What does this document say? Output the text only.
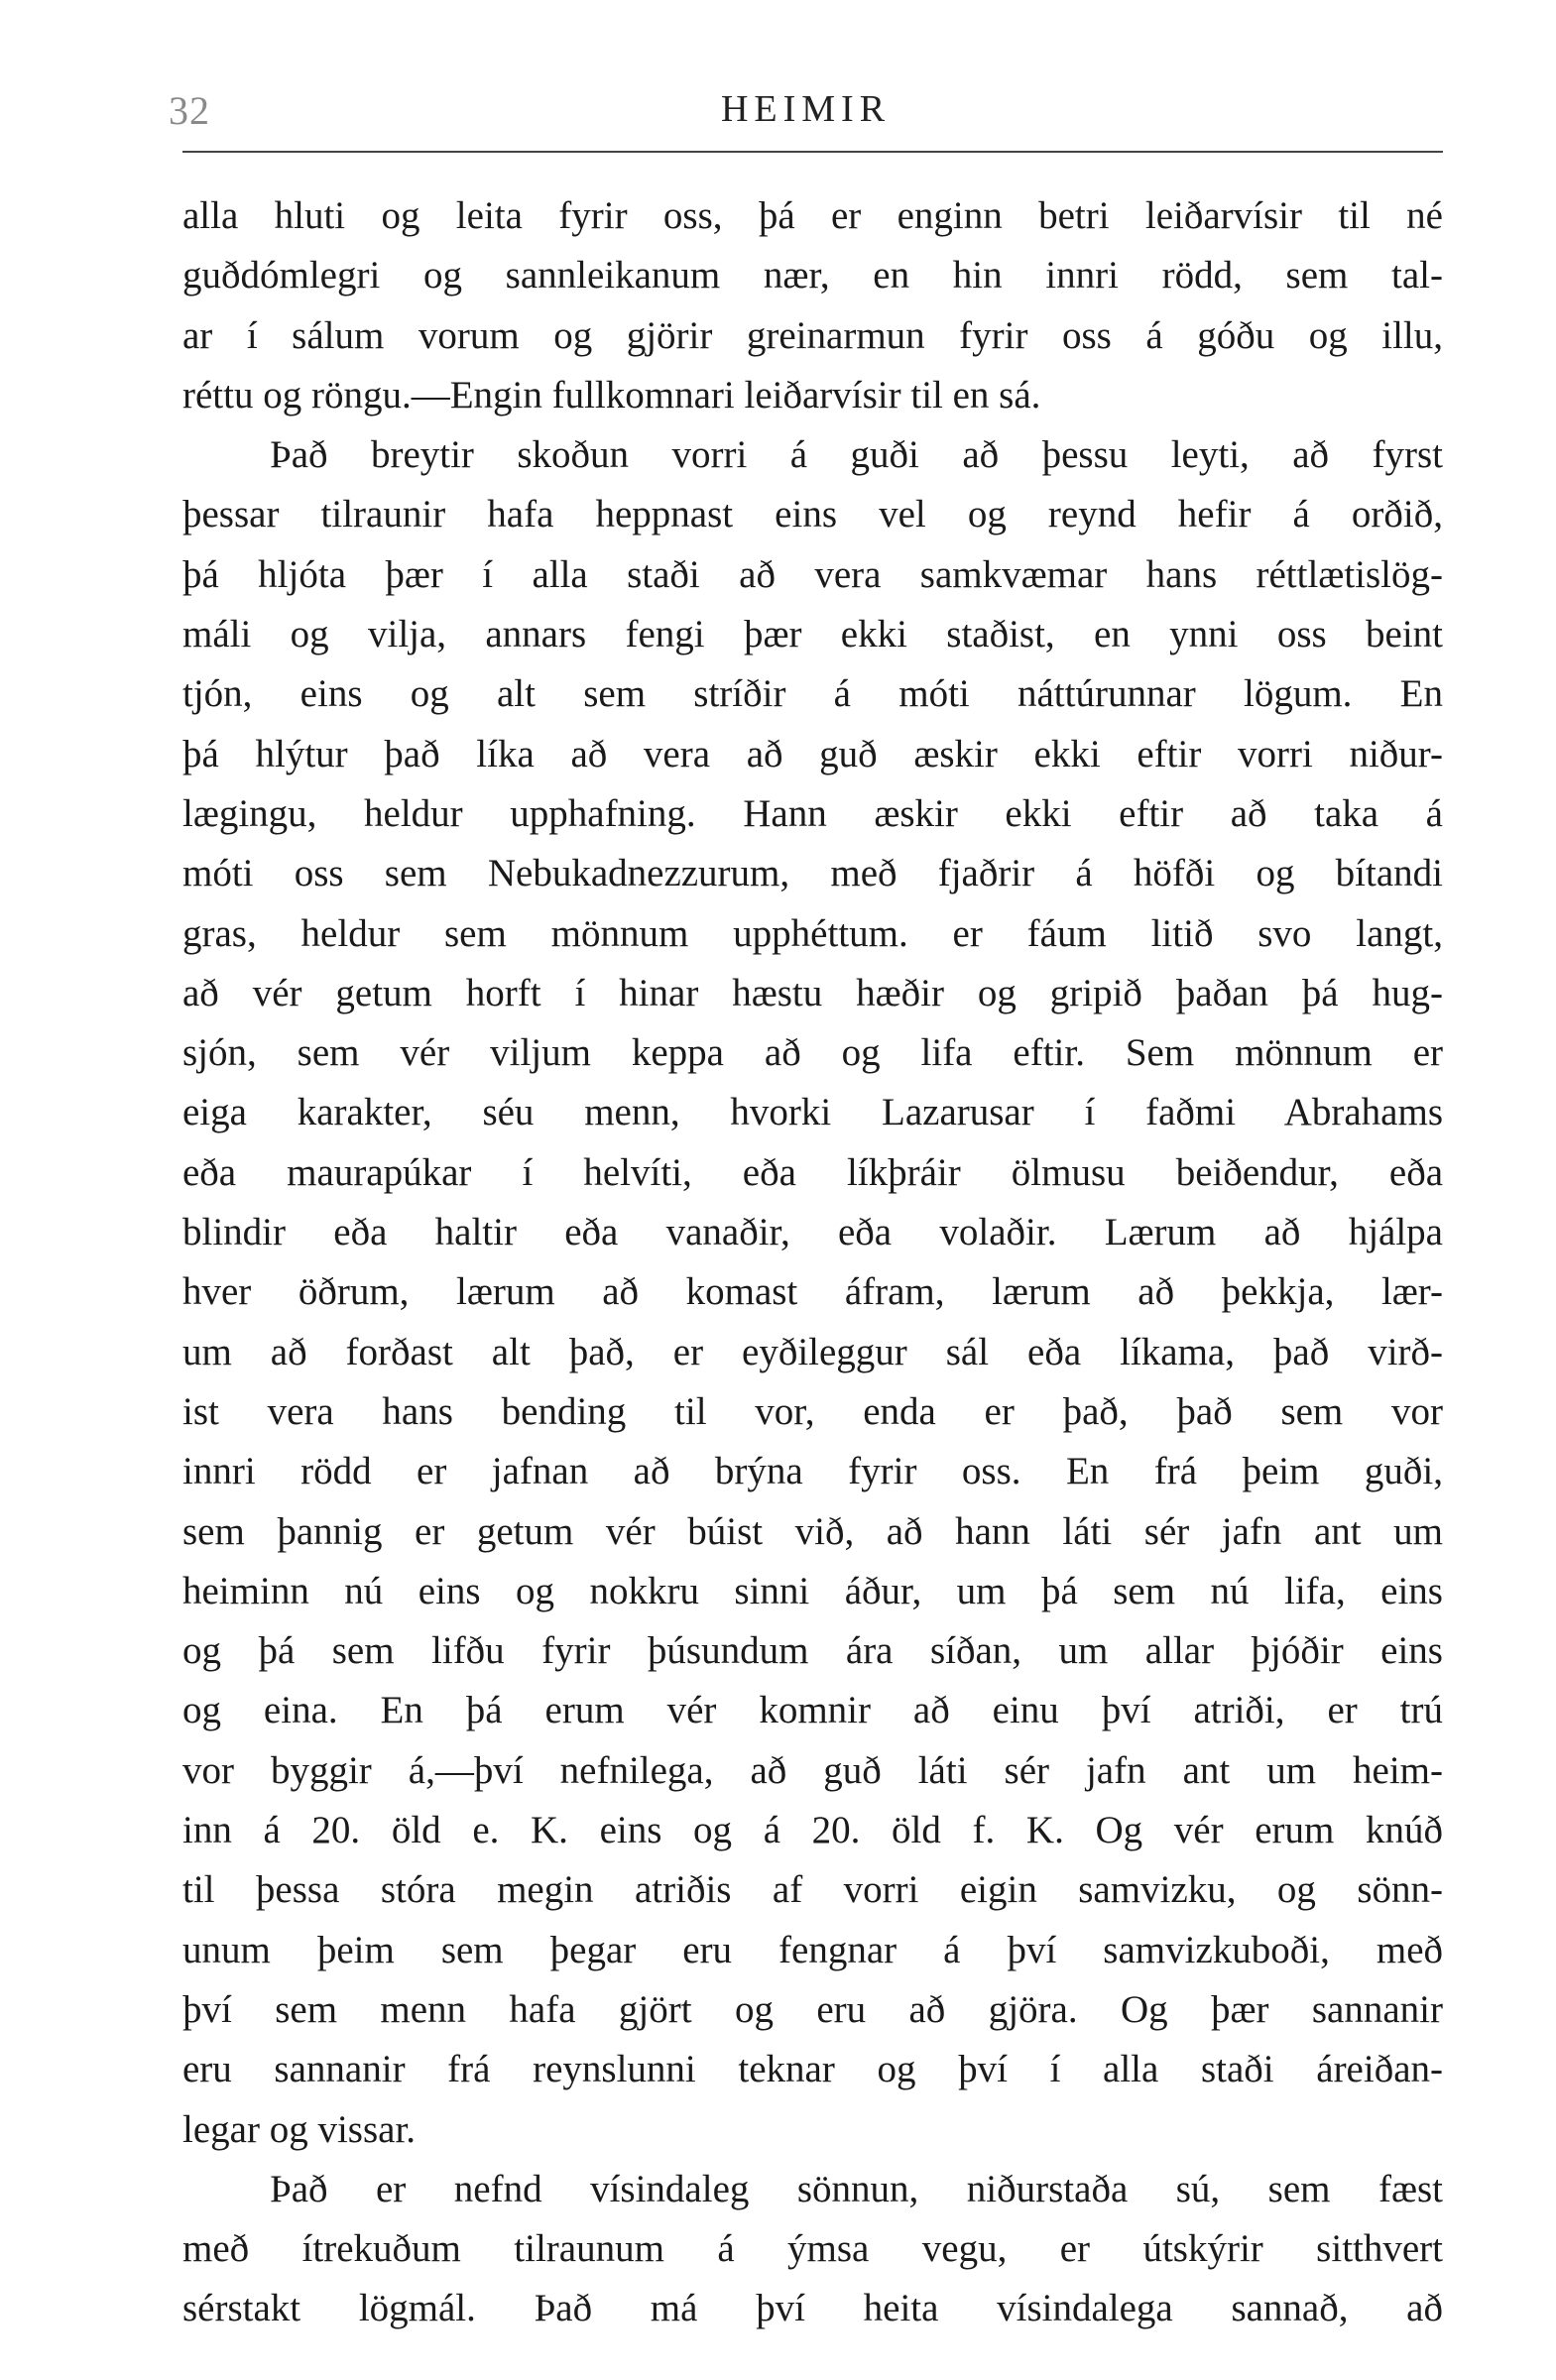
32	HEIMIR
alla hluti og leita fyrir oss, þá er enginn betri leiðarvísir til né
guðdómlegri og sannleikanum nær, en hin innri rödd, sem tal-
ar í sálum vorum og gjörir greinarmun fyrir oss á góðu og illu,
réttu og röngu.—Engin fullkomnari leiðarvísir til en sá.
Það breytir skoðun vorri á guði að þessu leyti, að fyrst
þessar tilraunir hafa heppnast eins vel og reynd hefir á orðið,
þá hljóta þær í alla staði að vera samkvæmar hans réttlætislög-
máli og vilja, annars fengi þær ekki staðist, en ynni oss beint
tjón, eins og alt sem stríðir á móti náttúrunnar lögum. En
þá hlýtur það líka að vera að guð æskir ekki eftir vorri niður-
lægingu, heldur upphafning. Hann æskir ekki eftir að taka á
móti oss sem Nebukadnezzurum, með fjaðrir á höfði og bítandi
gras, heldur sem mönnum upphéttum. er fáum litið svo langt,
að vér getum horft í hinar hæstu hæðir og gripið þaðan þá hug-
sjón, sem vér viljum keppa að og lifa eftir. Sem mönnum er
eiga karakter, séu menn, hvorki Lazarusar í faðmi Abrahams
eða maurapúkar í helvíti, eða líkþráir ölmusu beiðendur, eða
blindir eða haltir eða vanaðir, eða volaðir. Lærum að hjálpa
hver öðrum, lærum að komast áfram, lærum að þekkja, lær-
um að forðast alt það, er eyðileggur sál eða líkama, það virð-
ist vera hans bending til vor, enda er það, það sem vor
innri rödd er jafnan að brýna fyrir oss. En frá þeim guði,
sem þannig er getum vér búist við, að hann láti sér jafn ant um
heiminn nú eins og nokkru sinni áður, um þá sem nú lifa, eins
og þá sem lifðu fyrir þúsundum ára síðan, um allar þjóðir eins
og eina. En þá erum vér komnir að einu því atriði, er trú
vor byggir á,—því nefnilega, að guð láti sér jafn ant um heim-
inn á 20. öld e. K. eins og á 20. öld f. K. Og vér erum knúð
til þessa stóra megin atriðis af vorri eigin samvizku, og sönn-
unum þeim sem þegar eru fengnar á því samvizkuboði, með
því sem menn hafa gjört og eru að gjöra. Og þær sannanir
eru sannanir frá reynslunni teknar og því í alla staði áreiðan-
legar og vissar.
Það er nefnd vísindaleg sönnun, niðurstaða sú, sem fæst
með ítrekuðum tilraunum á ýmsa vegu, er útskýrir sitthvert
sérstakt lögmál. Það má því heita vísindalega sannað, að
